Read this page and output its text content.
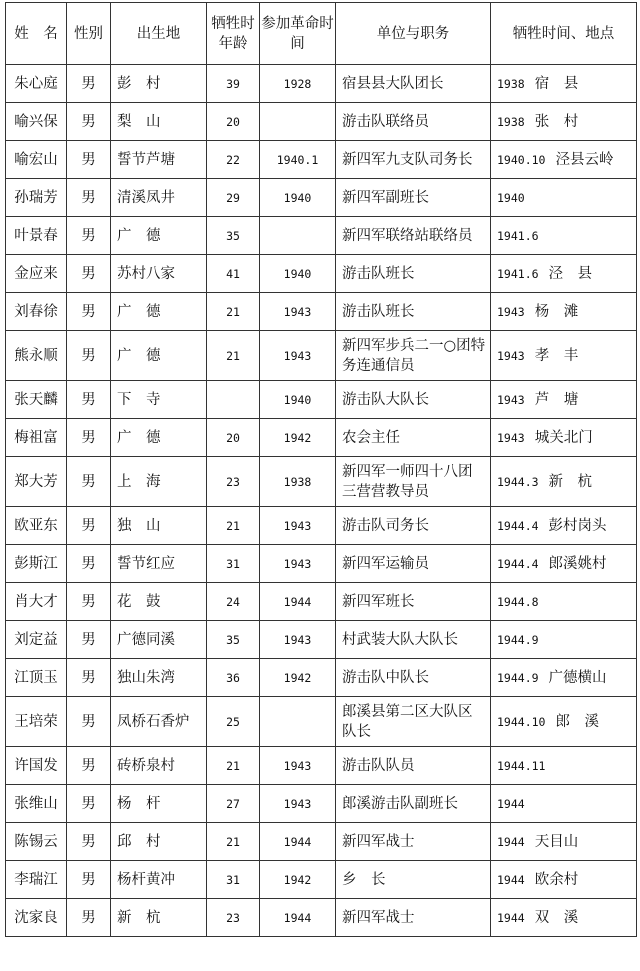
姓　名	性别	出生地	牺牲时年龄	参加革命时间	单位与职务	牺牲时间、地点
朱心庭	男	彭　村	39	1928	宿县县大队团长	1938 宿　县
喻兴保	男	梨　山	20		游击队联络员	1938 张　村
喻宏山	男	誓节芦塘	22	1940.1	新四军九支队司务长	1940.10 泾县云岭
孙瑞芳	男	清溪凤井	29	1940	新四军副班长	1940
叶景春	男	广　德	35		新四军联络站联络员	1941.6
金应来	男	苏村八家	41	1940	游击队班长	1941.6 泾　县
刘春徐	男	广　德	21	1943	游击队班长	1943 杨　滩
熊永顺	男	广　德	21	1943	新四军步兵二一○团特务连通信员	1943 孝　丰
张天麟	男	下　寺		1940	游击队大队长	1943 芦　塘
梅祖富	男	广　德	20	1942	农会主任	1943 城关北门
郑大芳	男	上　海	23	1938	新四军一师四十八团三营营教导员	1944.3 新　杭
欧亚东	男	独　山	21	1943	游击队司务长	1944.4 彭村岗头
彭斯江	男	誓节红应	31	1943	新四军运输员	1944.4 郎溪姚村
肖大才	男	花　鼓	24	1944	新四军班长	1944.8
刘定益	男	广德同溪	35	1943	村武装大队大队长	1944.9
江顶玉	男	独山朱湾	36	1942	游击队中队长	1944.9 广德横山
王培荣	男	凤桥石香炉	25		郎溪县第二区大队区队长	1944.10 郎　溪
许国发	男	砖桥泉村	21	1943	游击队队员	1944.11
张维山	男	杨　杆	27	1943	郎溪游击队副班长	1944
陈锡云	男	邱　村	21	1944	新四军战士	1944 天目山
李瑞江	男	杨杆黄冲	31	1942	乡　长	1944 欧余村
沈家良	男	新　杭	23	1944	新四军战士	1944 双　溪
